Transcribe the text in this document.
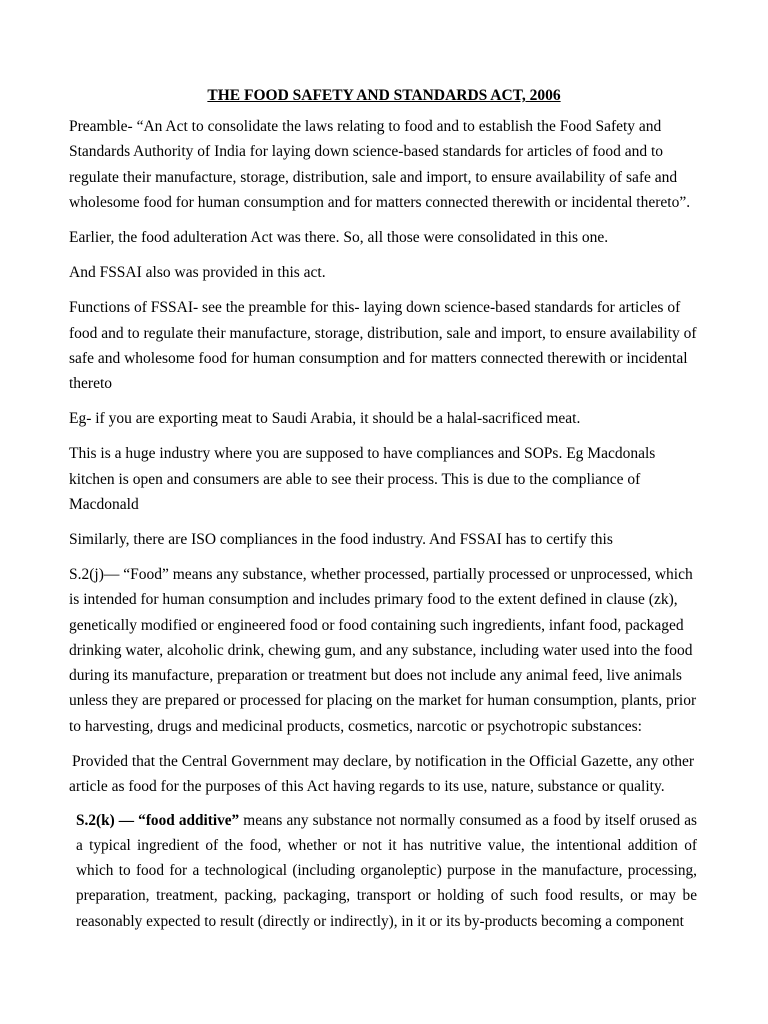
THE FOOD SAFETY AND STANDARDS ACT, 2006
Preamble- “An Act to consolidate the laws relating to food and to establish the Food Safety and Standards Authority of India for laying down science-based standards for articles of food and to regulate their manufacture, storage, distribution, sale and import, to ensure availability of safe and wholesome food for human consumption and for matters connected therewith or incidental thereto”.
Earlier, the food adulteration Act was there. So, all those were consolidated in this one.
And FSSAI also was provided in this act.
Functions of FSSAI- see the preamble for this- laying down science-based standards for articles of food and to regulate their manufacture, storage, distribution, sale and import, to ensure availability of safe and wholesome food for human consumption and for matters connected therewith or incidental thereto
Eg- if you are exporting meat to Saudi Arabia, it should be a halal-sacrificed meat.
This is a huge industry where you are supposed to have compliances and SOPs. Eg Macdonals kitchen is open and consumers are able to see their process. This is due to the compliance of Macdonald
Similarly, there are ISO compliances in the food industry. And FSSAI has to certify this
S.2(j)— “Food” means any substance, whether processed, partially processed or unprocessed, which is intended for human consumption and includes primary food to the extent defined in clause (zk), genetically modified or engineered food or food containing such ingredients, infant food, packaged drinking water, alcoholic drink, chewing gum, and any substance, including water used into the food during its manufacture, preparation or treatment but does not include any animal feed, live animals unless they are prepared or processed for placing on the market for human consumption, plants, prior to harvesting, drugs and medicinal products, cosmetics, narcotic or psychotropic substances:
Provided that the Central Government may declare, by notification in the Official Gazette, any other article as food for the purposes of this Act having regards to its use, nature, substance or quality.
S.2(k) — “food additive” means any substance not normally consumed as a food by itself orused as a typical ingredient of the food, whether or not it has nutritive value, the intentional addition of which to food for a technological (including organoleptic) purpose in the manufacture, processing, preparation, treatment, packing, packaging, transport or holding of such food results, or may be reasonably expected to result (directly or indirectly), in it or its by-products becoming a component
